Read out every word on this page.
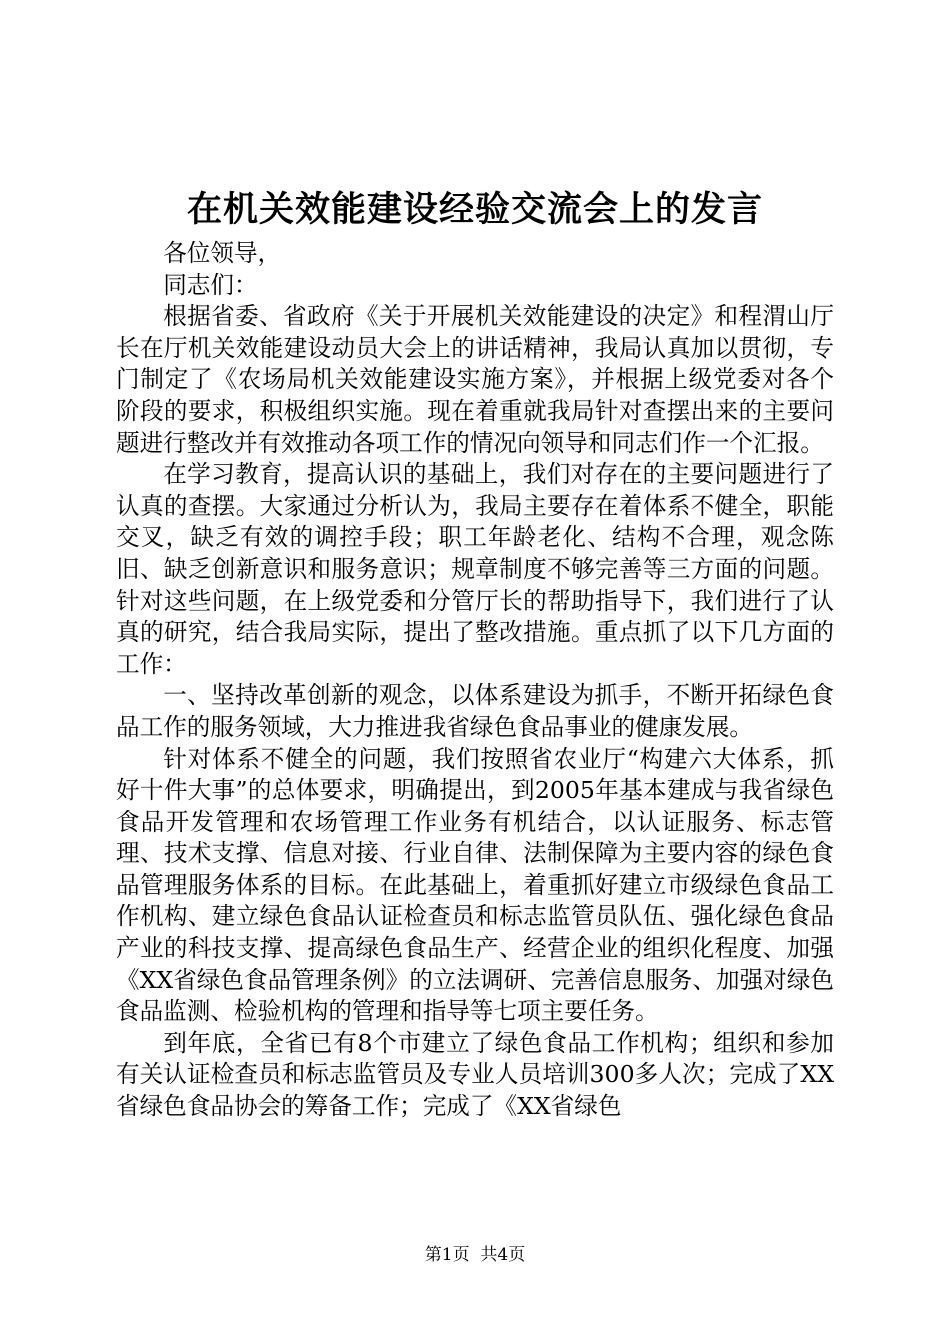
在机关效能建设经验交流会上的发言

各位领导，

同志们：

根据省委、省政府《关于开展机关效能建设的决定》和程渭山厅长在厅机关效能建设动员大会上的讲话精神，我局认真加以贯彻，专门制定了《农场局机关效能建设实施方案》，并根据上级党委对各个阶段的要求，积极组织实施。现在着重就我局针对查摆出来的主要问题进行整改并有效推动各项工作的情况向领导和同志们作一个汇报。

在学习教育，提高认识的基础上，我们对存在的主要问题进行了认真的查摆。大家通过分析认为，我局主要存在着体系不健全，职能交叉，缺乏有效的调控手段；职工年龄老化、结构不合理，观念陈旧、缺乏创新意识和服务意识；规章制度不够完善等三方面的问题。针对这些问题，在上级党委和分管厅长的帮助指导下，我们进行了认真的研究，结合我局实际，提出了整改措施。重点抓了以下几方面的工作：

一、坚持改革创新的观念，以体系建设为抓手，不断开拓绿色食品工作的服务领域，大力推进我省绿色食品事业的健康发展。

针对体系不健全的问题，我们按照省农业厅“构建六大体系，抓好十件大事”的总体要求，明确提出，到2005年基本建成与我省绿色食品开发管理和农场管理工作业务有机结合，以认证服务、标志管理、技术支撑、信息对接、行业自律、法制保障为主要内容的绿色食品管理服务体系的目标。在此基础上，着重抓好建立市级绿色食品工作机构、建立绿色食品认证检查员和标志监管员队伍、强化绿色食品产业的科技支撑、提高绿色食品生产、经营企业的组织化程度、加强《XX省绿色食品管理条例》的立法调研、完善信息服务、加强对绿色食品监测、检验机构的管理和指导等七项主要任务。

到年底，全省已有8个市建立了绿色食品工作机构；组织和参加有关认证检查员和标志监管员及专业人员培训300多人次；完成了XX省绿色食品协会的筹备工作；完成了《XX省绿色

第1页  共4页
